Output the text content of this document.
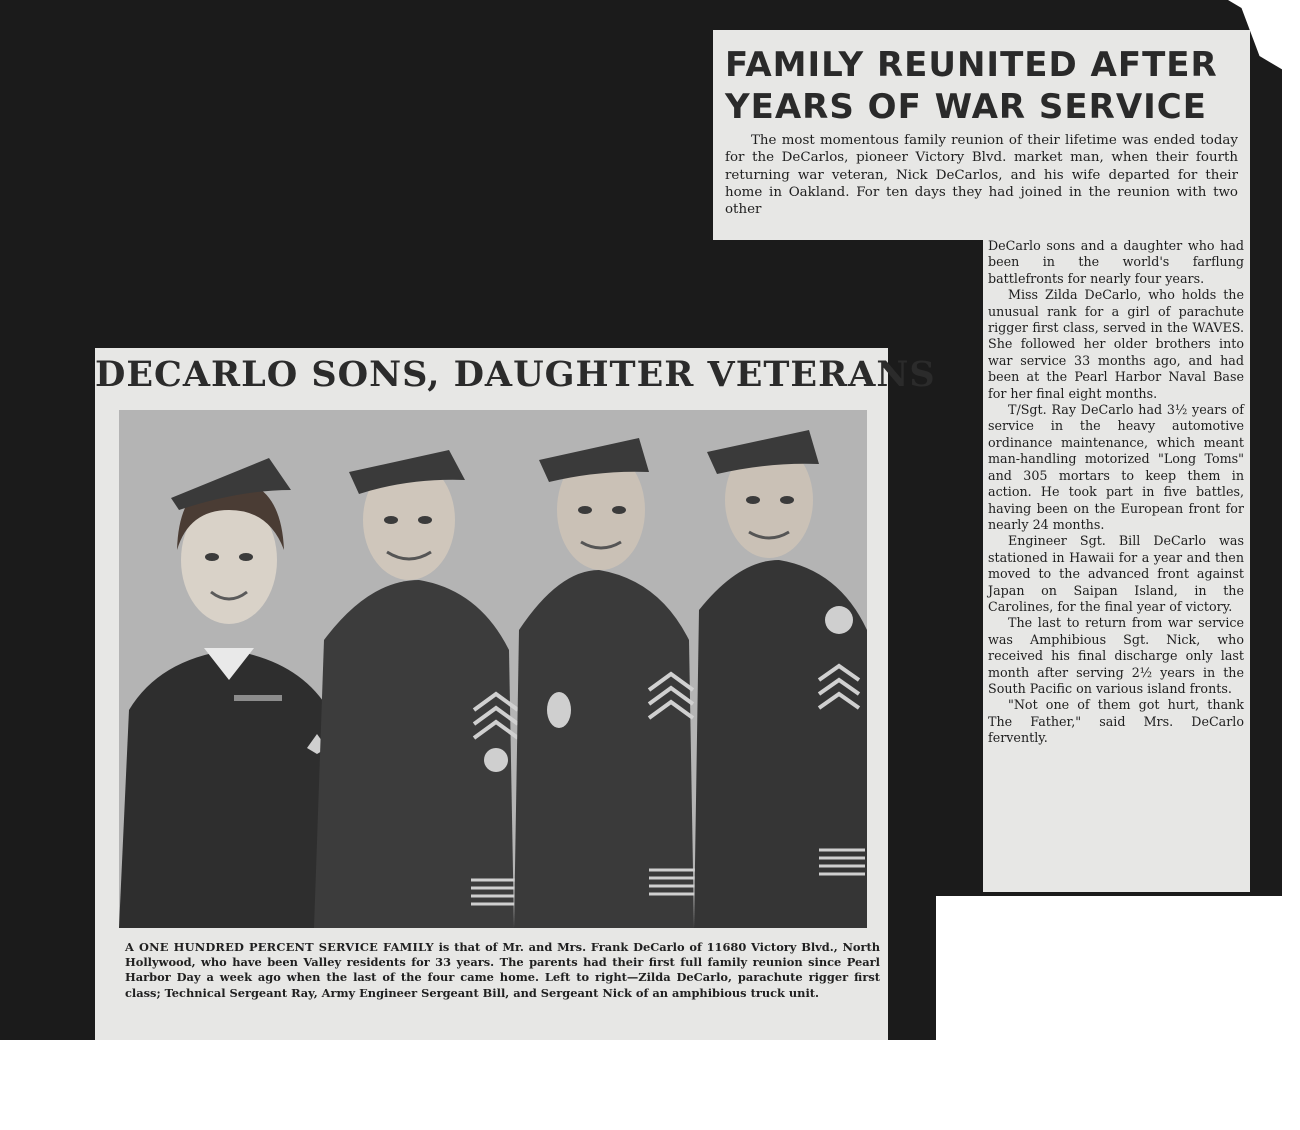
FAMILY REUNITED AFTER
YEARS OF WAR SERVICE

The most momentous family reunion of their lifetime was ended today for the DeCarlos, pioneer Victory Blvd. market man, when their fourth returning war veteran, Nick DeCarlos, and his wife departed for their home in Oakland. For ten days they had joined in the reunion with two other

DeCarlo sons and a daughter who had been in the world's farflung battlefronts for nearly four years.

Miss Zilda DeCarlo, who holds the unusual rank for a girl of parachute rigger first class, served in the WAVES. She followed her older brothers into war service 33 months ago, and had been at the Pearl Harbor Naval Base for her final eight months.

T/Sgt. Ray DeCarlo had 3½ years of service in the heavy automotive ordinance maintenance, which meant man-handling motorized "Long Toms" and 305 mortars to keep them in action. He took part in five battles, having been on the European front for nearly 24 months.

Engineer Sgt. Bill DeCarlo was stationed in Hawaii for a year and then moved to the advanced front against Japan on Saipan Island, in the Carolines, for the final year of victory.

The last to return from war service was Amphibious Sgt. Nick, who received his final discharge only last month after serving 2½ years in the South Pacific on various island fronts.

"Not one of them got hurt, thank The Father," said Mrs. DeCarlo fervently.

DECARLO SONS, DAUGHTER VETERANS

A ONE HUNDRED PERCENT SERVICE FAMILY is that of Mr. and Mrs. Frank DeCarlo of 11680 Victory Blvd., North Hollywood, who have been Valley residents for 33 years. The parents had their first full family reunion since Pearl Harbor Day a week ago when the last of the four came home. Left to right—Zilda DeCarlo, parachute rigger first class; Technical Sergeant Ray, Army Engineer Sergeant Bill, and Sergeant Nick of an amphibious truck unit.
